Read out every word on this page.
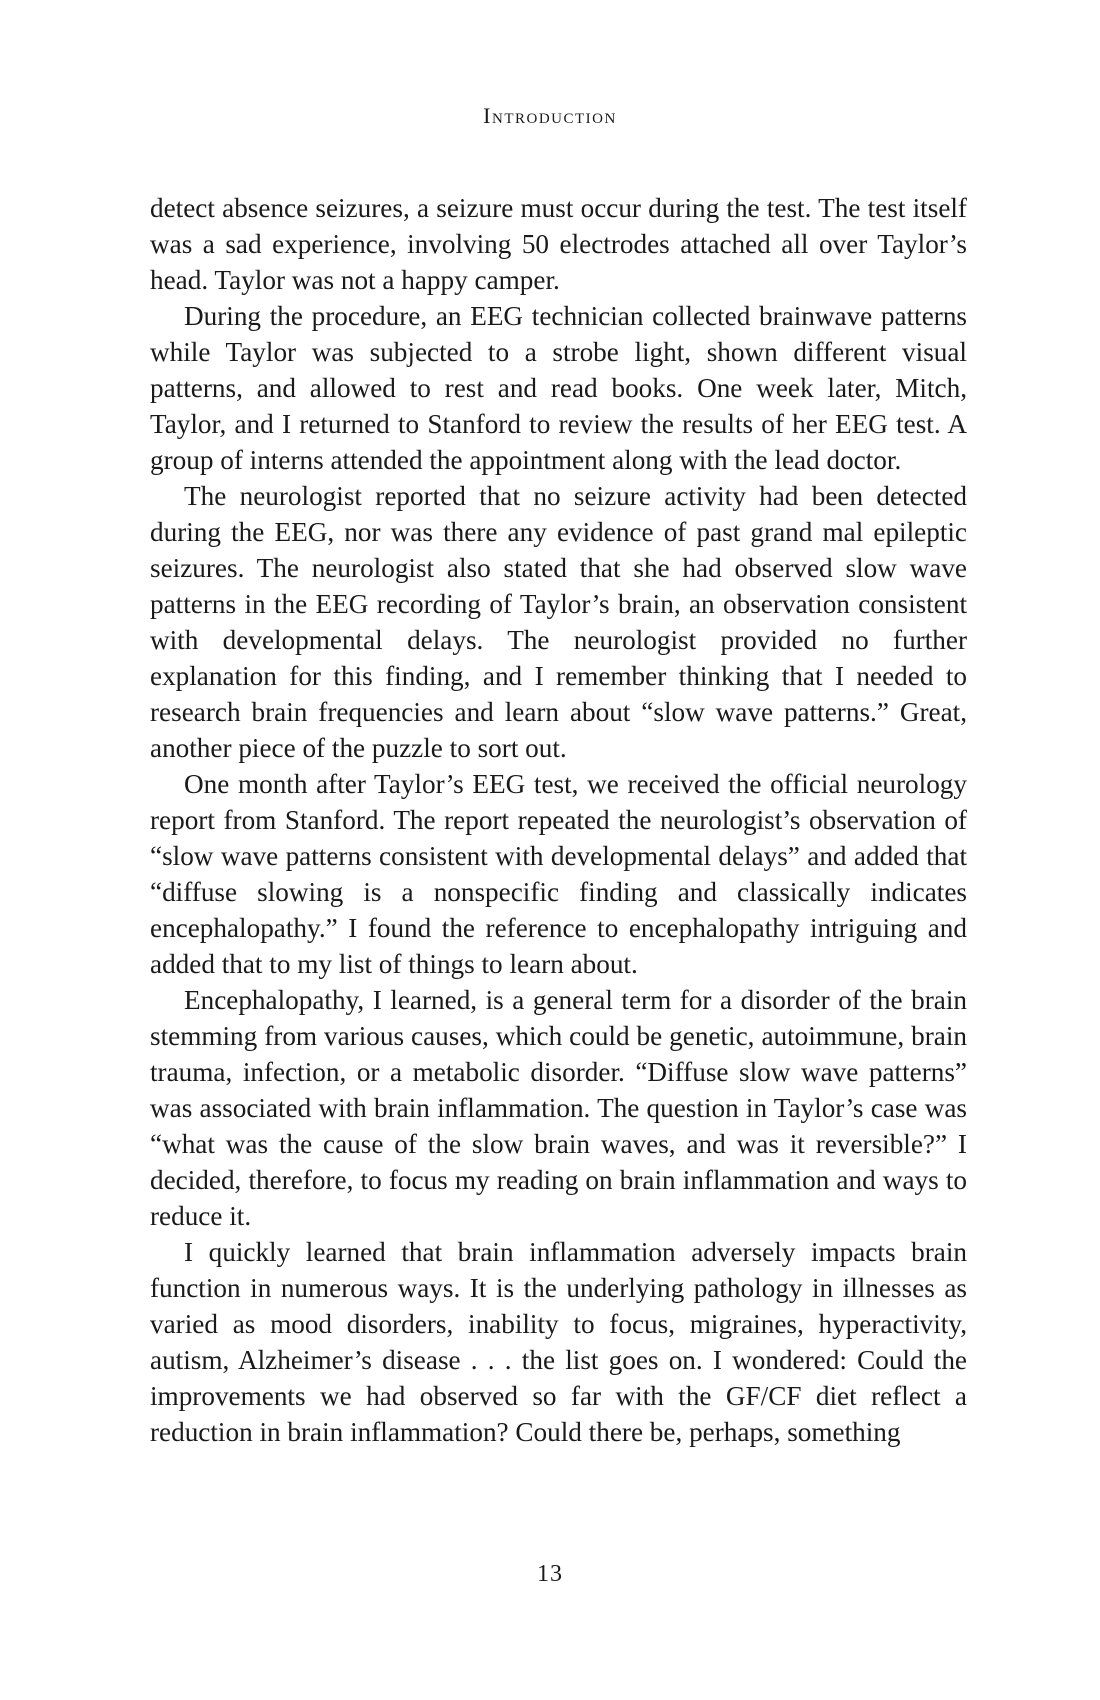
Introduction

detect absence seizures, a seizure must occur during the test. The test itself was a sad experience, involving 50 electrodes attached all over Taylor’s head. Taylor was not a happy camper.

During the procedure, an EEG technician collected brainwave patterns while Taylor was subjected to a strobe light, shown different visual patterns, and allowed to rest and read books. One week later, Mitch, Taylor, and I returned to Stanford to review the results of her EEG test. A group of interns attended the appointment along with the lead doctor.

The neurologist reported that no seizure activity had been detected during the EEG, nor was there any evidence of past grand mal epileptic seizures. The neurologist also stated that she had observed slow wave patterns in the EEG recording of Taylor’s brain, an observation consistent with developmental delays. The neurologist provided no further explanation for this finding, and I remember thinking that I needed to research brain frequencies and learn about “slow wave patterns.” Great, another piece of the puzzle to sort out.

One month after Taylor’s EEG test, we received the official neurology report from Stanford. The report repeated the neurologist’s observation of “slow wave patterns consistent with developmental delays” and added that “diffuse slowing is a nonspecific finding and classically indicates encephalopathy.” I found the reference to encephalopathy intriguing and added that to my list of things to learn about.

Encephalopathy, I learned, is a general term for a disorder of the brain stemming from various causes, which could be genetic, autoimmune, brain trauma, infection, or a metabolic disorder. “Diffuse slow wave patterns” was associated with brain inflammation. The question in Taylor’s case was “what was the cause of the slow brain waves, and was it reversible?” I decided, therefore, to focus my reading on brain inflammation and ways to reduce it.

I quickly learned that brain inflammation adversely impacts brain function in numerous ways. It is the underlying pathology in illnesses as varied as mood disorders, inability to focus, migraines, hyperactivity, autism, Alzheimer’s disease . . . the list goes on. I wondered: Could the improvements we had observed so far with the GF/CF diet reflect a reduction in brain inflammation? Could there be, perhaps, something

13
